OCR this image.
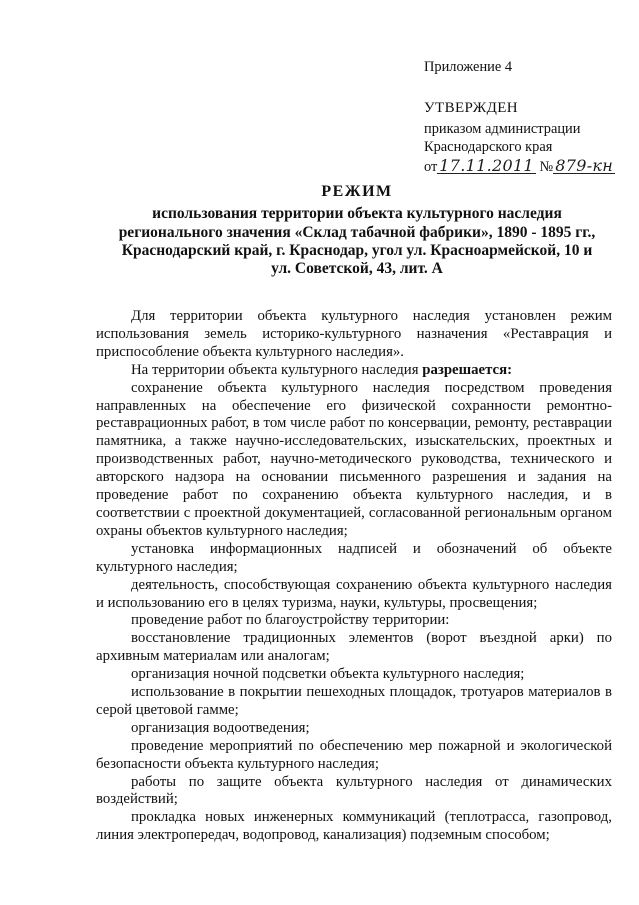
Приложение 4
УТВЕРЖДЕН
приказом администрации
Краснодарского края
от 17.11.2011 № 879-кн
РЕЖИМ
использования территории объекта культурного наследия
регионального значения «Склад табачной фабрики», 1890 - 1895 гг.,
Краснодарский край, г. Краснодар, угол ул. Красноармейской, 10 и
ул. Советской, 43, лит. А

Для территории объекта культурного наследия установлен режим использования земель историко-культурного назначения «Реставрация и приспособление объекта культурного наследия».

На территории объекта культурного наследия разрешается:

сохранение объекта культурного наследия посредством проведения направленных на обеспечение его физической сохранности ремонтно-реставрационных работ, в том числе работ по консервации, ремонту, реставрации памятника, а также научно-исследовательских, изыскательских, проектных и производственных работ, научно-методического руководства, технического и авторского надзора на основании письменного разрешения и задания на проведение работ по сохранению объекта культурного наследия, и в соответствии с проектной документацией, согласованной региональным органом охраны объектов культурного наследия;

установка информационных надписей и обозначений об объекте культурного наследия;

деятельность, способствующая сохранению объекта культурного наследия и использованию его в целях туризма, науки, культуры, просвещения;

проведение работ по благоустройству территории:

восстановление традиционных элементов (ворот въездной арки) по архивным материалам или аналогам;

организация ночной подсветки объекта культурного наследия;

использование в покрытии пешеходных площадок, тротуаров материалов в серой цветовой гамме;

организация водоотведения;

проведение мероприятий по обеспечению мер пожарной и экологической безопасности объекта культурного наследия;

работы по защите объекта культурного наследия от динамических воздействий;

прокладка новых инженерных коммуникаций (теплотрасса, газопровод, линия электропередач, водопровод, канализация) подземным способом;
